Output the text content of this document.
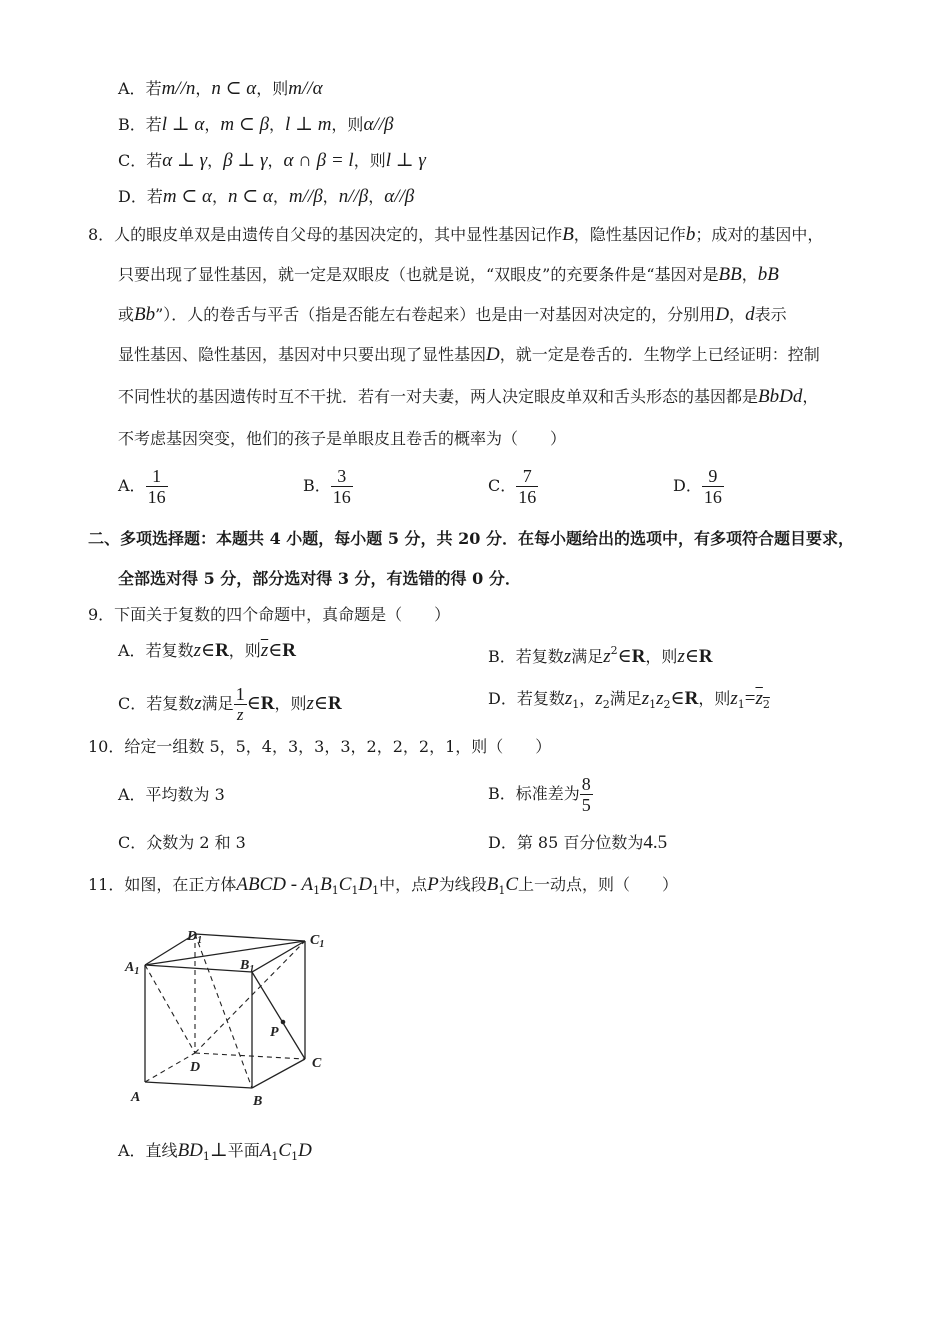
A．若m//n，n ⊂ α，则m//α
B．若l ⊥ α，m ⊂ β，l ⊥ m，则α//β
C．若α ⊥ γ，β ⊥ γ，α ∩ β = l，则l ⊥ γ
D．若m ⊂ α，n ⊂ α，m//β，n//β，α//β
8．人的眼皮单双是由遗传自父母的基因决定的，其中显性基因记作B，隐性基因记作b；成对的基因中，
只要出现了显性基因，就一定是双眼皮（也就是说，“双眼皮”的充要条件是“基因对是BB，bB
或Bb”）．人的卷舌与平舌（指是否能左右卷起来）也是由一对基因对决定的，分别用D，d表示
显性基因、隐性基因，基因对中只要出现了显性基因D，就一定是卷舌的．生物学上已经证明：控制
不同性状的基因遗传时互不干扰．若有一对夫妻，两人决定眼皮单双和舌头形态的基因都是BbDd，
不考虑基因突变，他们的孩子是单眼皮且卷舌的概率为（　　）
A． $\frac{1}{16}$	B． $\frac{3}{16}$	C． $\frac{7}{16}$	D． $\frac{9}{16}$
二、多项选择题：本题共 4 小题，每小题 5 分，共 20 分．在每小题给出的选项中，有多项符合题目要求，
全部选对得 5 分，部分选对得 3 分，有选错的得 0 分．
9．下面关于复数的四个命题中，真命题是（　　）
A．若复数z∈R，则$\overline{z}\in R$	B．若复数z满足$z^2\in R$，则z∈R
C．若复数z满足 $\frac{1}{z}$ ∈R，则z∈R	D．若复数$z_1$，$z_2$满足$z_1z_2\in R$，则$z_1=z_2$
10．给定一组数 5，5，4，3，3，3，2，2，2，1，则（　　）
A．平均数为 3	B．标准差为 $\frac{8}{5}$
C．众数为 2 和 3	D．第 85 百分位数为4.5
11．如图，在正方体ABCD - $A_1B_1C_1D_1$中，点P为线段$B_1C$上一动点，则（　　）
$A_1$
$D_1$
$B_1$
$C_1$
P
C
D
A	B
A．直线$BD_1\perp$平面$A_1C_1D$
